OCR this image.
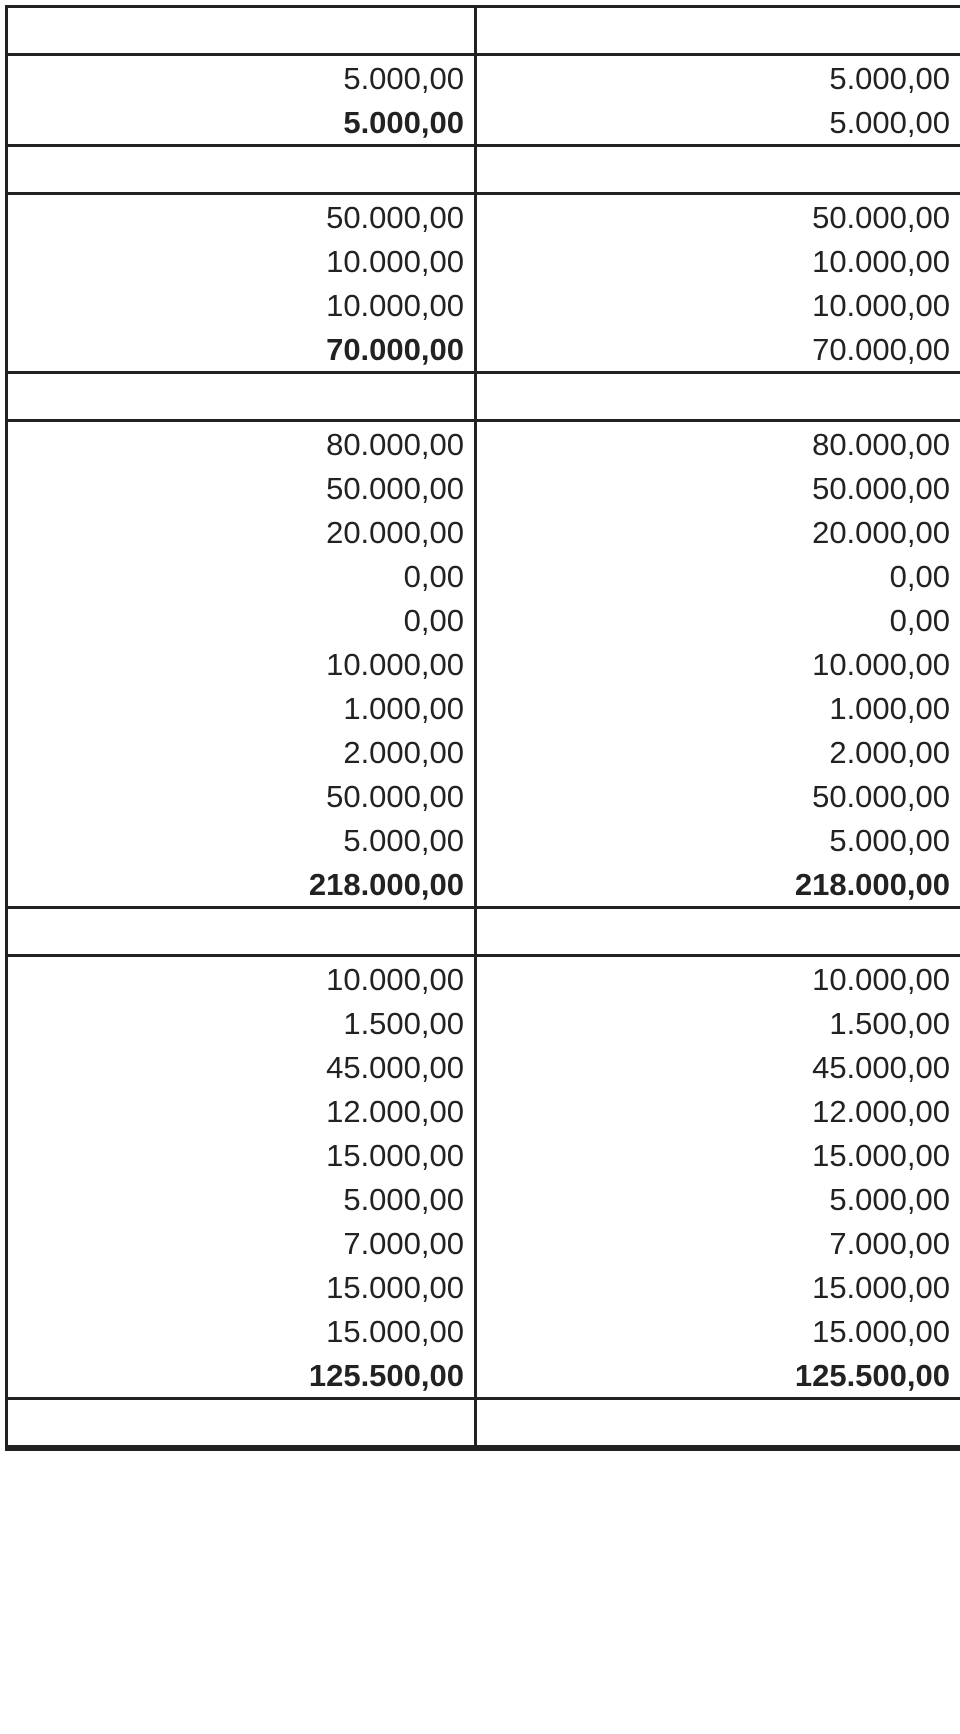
5.000,00	5.000,00
5.000,00	5.000,00
50.000,00	50.000,00
10.000,00	10.000,00
10.000,00	10.000,00
70.000,00	70.000,00
80.000,00	80.000,00
50.000,00	50.000,00
20.000,00	20.000,00
0,00	0,00
0,00	0,00
10.000,00	10.000,00
1.000,00	1.000,00
2.000,00	2.000,00
50.000,00	50.000,00
5.000,00	5.000,00
218.000,00	218.000,00
10.000,00	10.000,00
1.500,00	1.500,00
45.000,00	45.000,00
12.000,00	12.000,00
15.000,00	15.000,00
5.000,00	5.000,00
7.000,00	7.000,00
15.000,00	15.000,00
15.000,00	15.000,00
125.500,00	125.500,00
